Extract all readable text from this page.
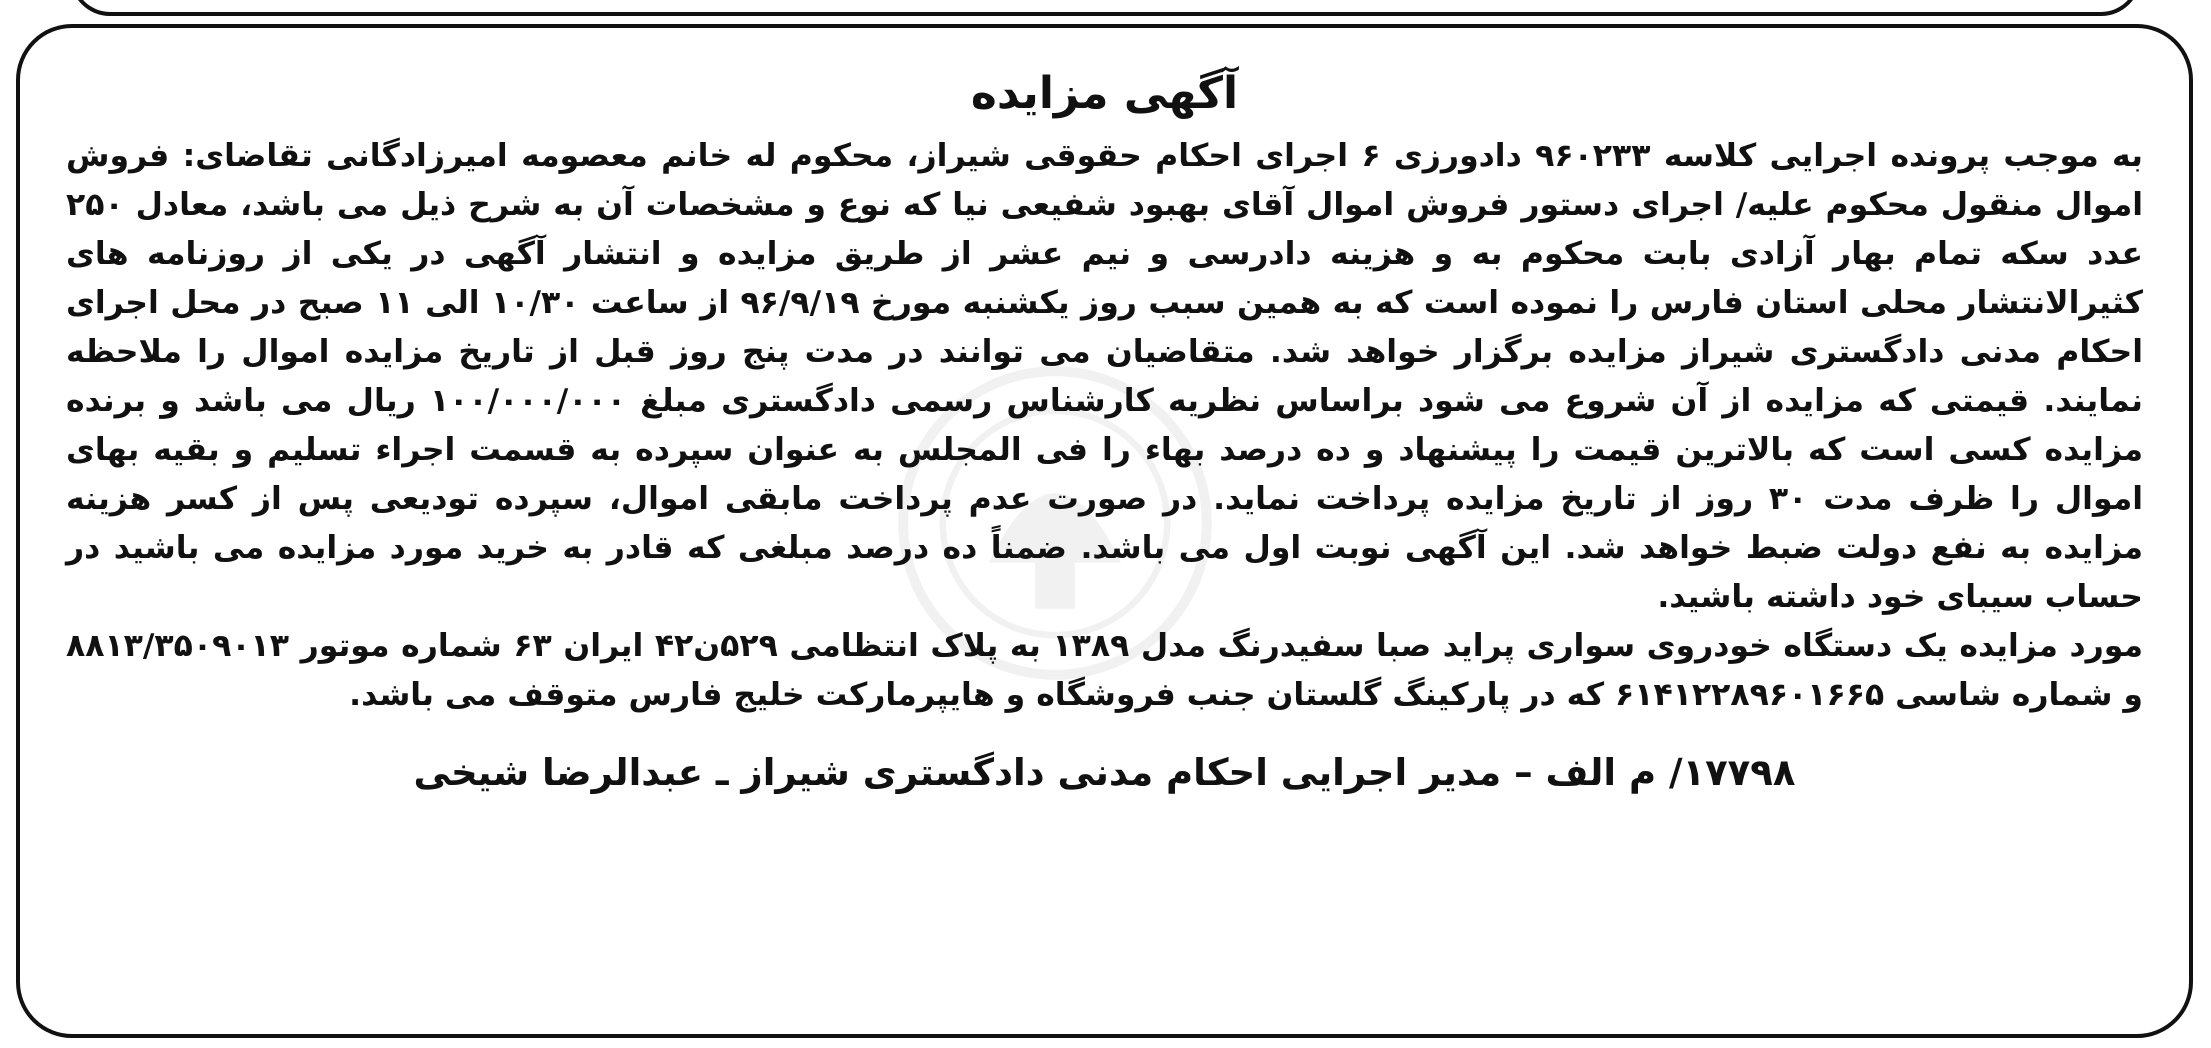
آگهی مزایده

به موجب پرونده اجرایی کلاسه ۹۶۰۲۳۳ دادورزی ۶ اجرای احکام حقوقی شیراز، محکوم له خانم معصومه امیرزادگانی تقاضای: فروش اموال منقول محکوم علیه/ اجرای دستور فروش اموال آقای بهبود شفیعی نیا که نوع و مشخصات آن به شرح ذیل می باشد، معادل ۲۵۰ عدد سکه تمام بهار آزادی بابت محکوم به و هزینه دادرسی و نیم عشر از طریق مزایده و انتشار آگهی در یکی از روزنامه های کثیرالانتشار محلی استان فارس را نموده است که به همین سبب روز یکشنبه مورخ ۹۶/۹/۱۹ از ساعت ۱۰/۳۰ الی ۱۱ صبح در محل اجرای احکام مدنی دادگستری شیراز مزایده برگزار خواهد شد. متقاضیان می توانند در مدت پنج روز قبل از تاریخ مزایده اموال را ملاحظه نمایند. قیمتی که مزایده از آن شروع می شود براساس نظریه کارشناس رسمی دادگستری مبلغ ۱۰۰/۰۰۰/۰۰۰ ریال می باشد و برنده مزایده کسی است که بالاترین قیمت را پیشنهاد و ده درصد بهاء را فی المجلس به عنوان سپرده به قسمت اجراء تسلیم و بقیه بهای اموال را ظرف مدت ۳۰ روز از تاریخ مزایده پرداخت نماید. در صورت عدم پرداخت مابقی اموال، سپرده تودیعی پس از کسر هزینه مزایده به نفع دولت ضبط خواهد شد. این آگهی نوبت اول می باشد. ضمناً ده درصد مبلغی که قادر به خرید مورد مزایده می باشید در حساب سیبای خود داشته باشید.

مورد مزایده یک دستگاه خودروی سواری پراید صبا سفیدرنگ مدل ۱۳۸۹ به پلاک انتظامی ۵۲۹ن۴۲ ایران ۶۳ شماره موتور ۸۸۱۳/۳۵۰۹۰۱۳ و شماره شاسی ۶۱۴۱۲۲۸۹۶۰۱۶۶۵ که در پارکینگ گلستان جنب فروشگاه و هایپرمارکت خلیج فارس متوقف می باشد.

۱۷۷۹۸/ م الف – مدیر اجرایی احکام مدنی دادگستری شیراز ـ عبدالرضا شیخی
